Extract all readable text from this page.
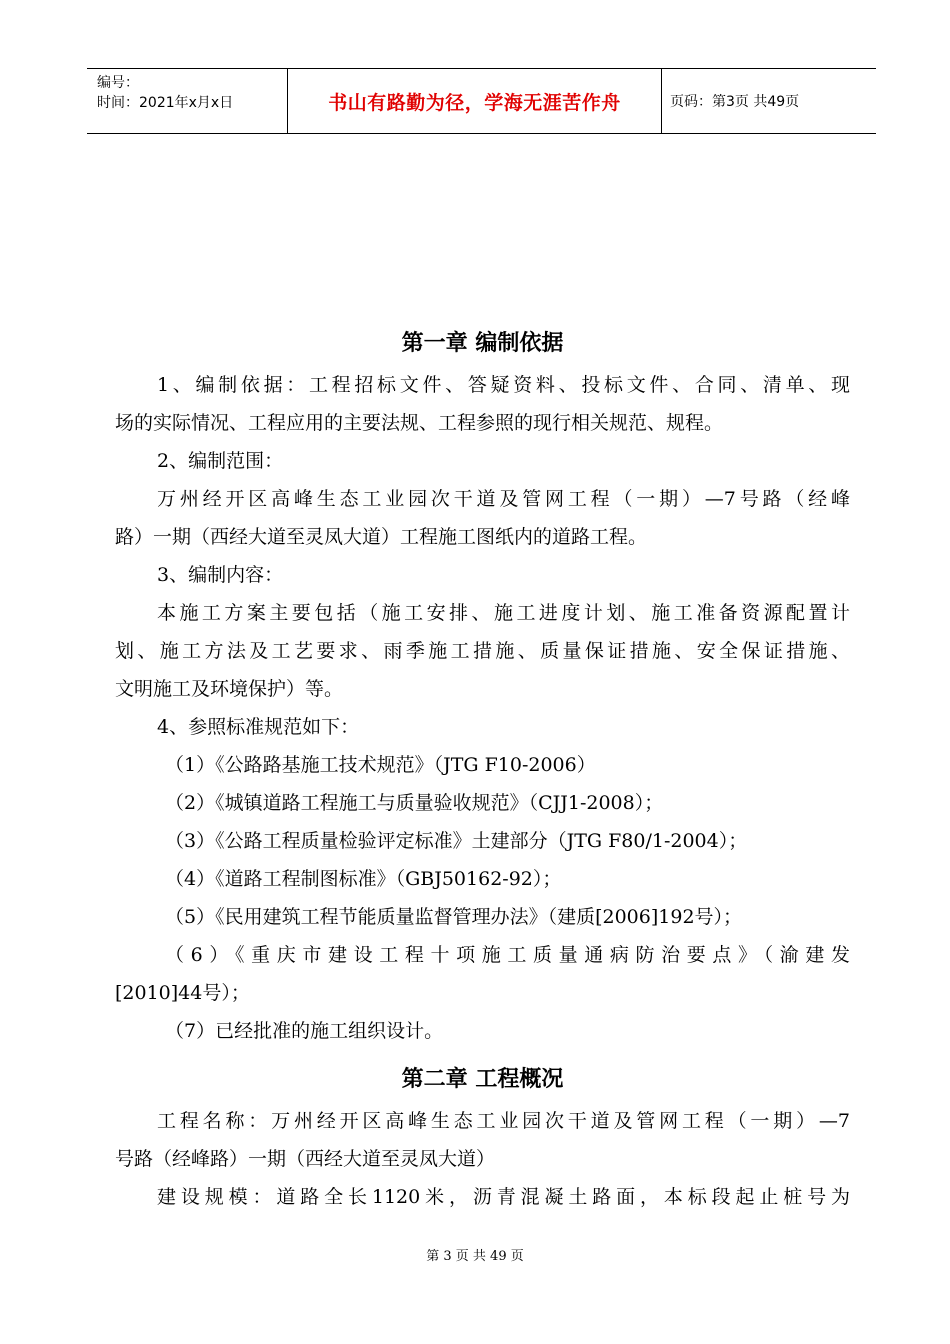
编号：
时间：2021年x月x日	书山有路勤为径，学海无涯苦作舟	页码：第3页 共49页
第一章 编制依据
1、编制依据：工程招标文件、答疑资料、投标文件、合同、清单、现
场的实际情况、工程应用的主要法规、工程参照的现行相关规范、规程。
2、编制范围：
万州经开区高峰生态工业园次干道及管网工程（一期）—7号路（经峰
路）一期（西经大道至灵凤大道）工程施工图纸内的道路工程。
3、编制内容：
本施工方案主要包括（施工安排、施工进度计划、施工准备资源配置计
划、施工方法及工艺要求、雨季施工措施、质量保证措施、安全保证措施、
文明施工及环境保护）等。
4、参照标准规范如下：
（1）《公路路基施工技术规范》（JTG F10-2006）
（2）《城镇道路工程施工与质量验收规范》（CJJ1-2008）；
（3）《公路工程质量检验评定标准》土建部分（JTG F80/1-2004）；
（4）《道路工程制图标准》（GBJ50162-92）；
（5）《民用建筑工程节能质量监督管理办法》（建质[2006]192号）；
（6）《重庆市建设工程十项施工质量通病防治要点》（渝建发
[2010]44号）；
（7）已经批准的施工组织设计。
第二章 工程概况
工程名称：万州经开区高峰生态工业园次干道及管网工程（一期）—7
号路（经峰路）一期（西经大道至灵凤大道）
建设规模：道路全长1120米，沥青混凝土路面，本标段起止桩号为
第 3 页 共 49 页
